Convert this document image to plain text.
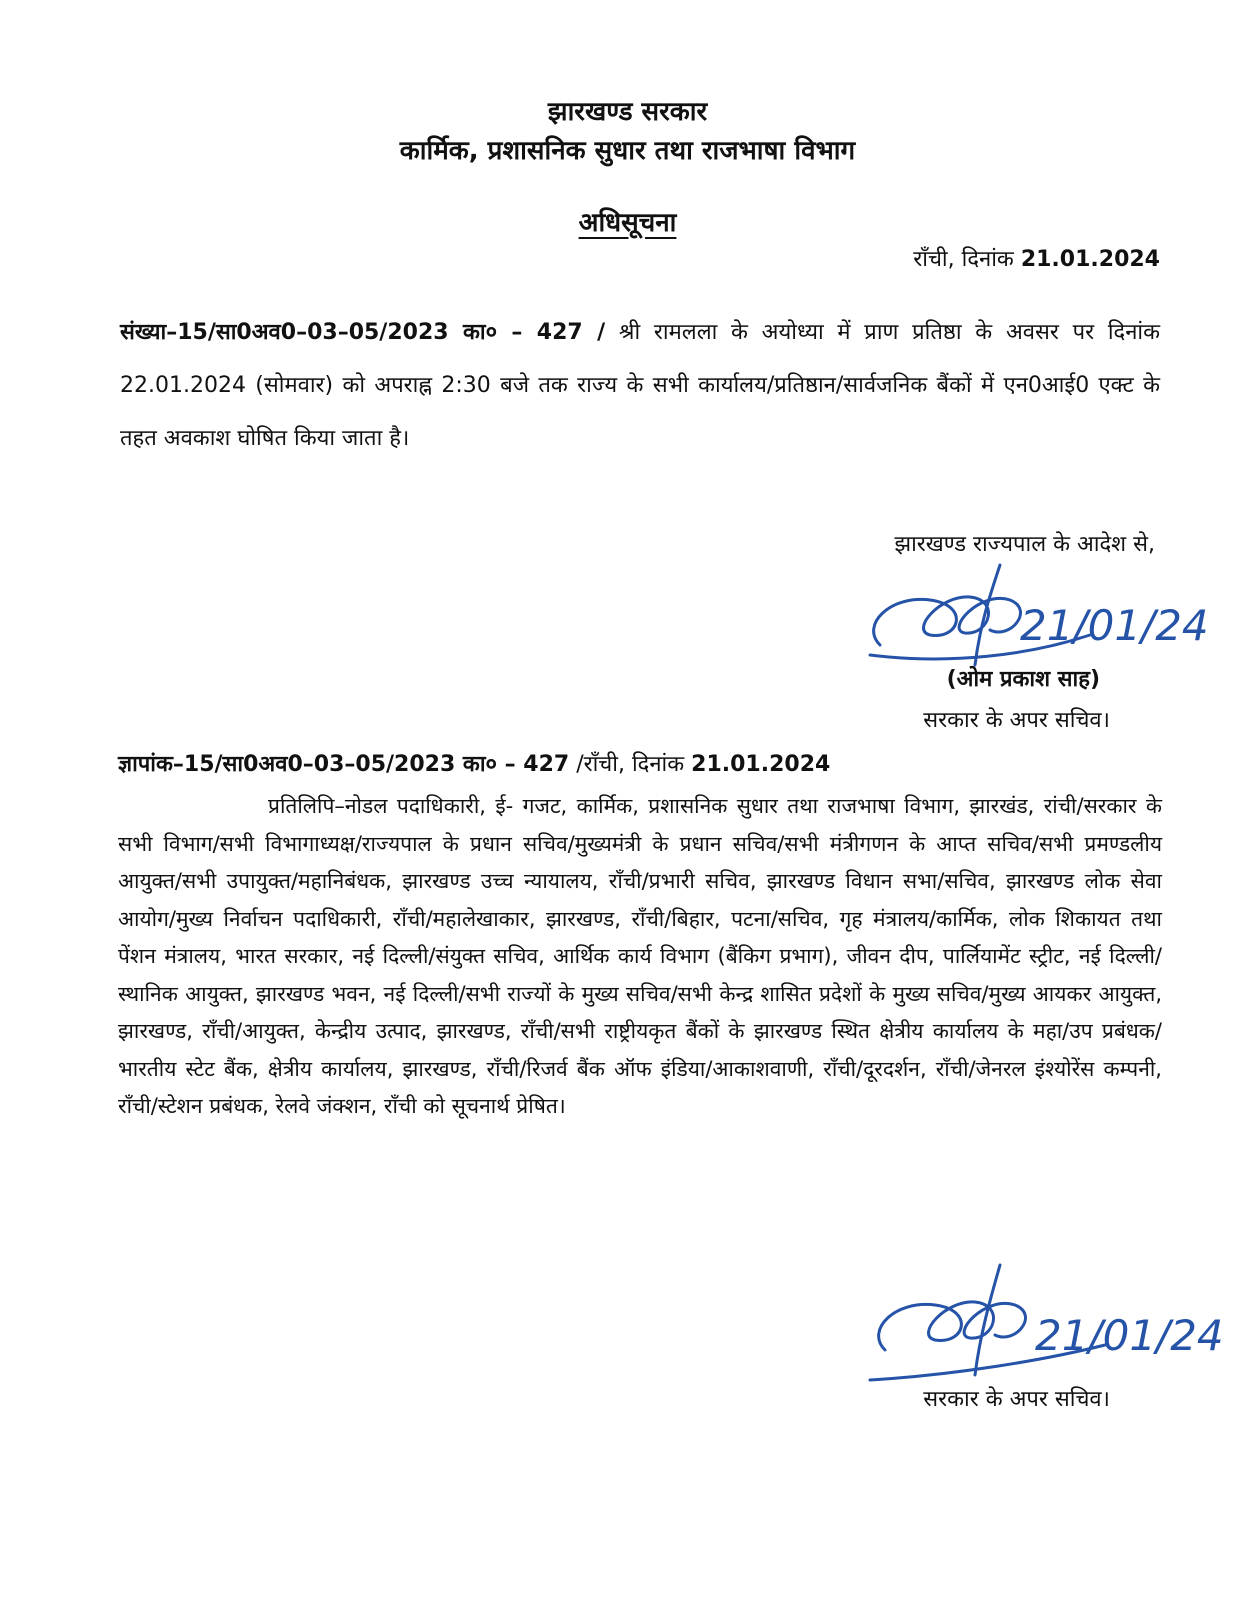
झारखण्ड सरकार
कार्मिक, प्रशासनिक सुधार तथा राजभाषा विभाग
अधिसूचना
राँची, दिनांक 21.01.2024

संख्या–15/सा0अव0–03–05/2023 का० – 427 / श्री रामलला के अयोध्या में प्राण प्रतिष्ठा के अवसर पर दिनांक 22.01.2024 (सोमवार) को अपराह्न 2:30 बजे तक राज्य के सभी कार्यालय/प्रतिष्ठान/सार्वजनिक बैंकों में एन0आई0 एक्ट के तहत अवकाश घोषित किया जाता है।

झारखण्ड राज्यपाल के आदेश से,
21/01/24
(ओम प्रकाश साह)
सरकार के अपर सचिव।
ज्ञापांक–15/सा0अव0–03–05/2023 का० – 427 /राँची, दिनांक 21.01.2024

प्रतिलिपि–नोडल पदाधिकारी, ई- गजट, कार्मिक, प्रशासनिक सुधार तथा राजभाषा विभाग, झारखंड, रांची/सरकार के सभी विभाग/सभी विभागाध्यक्ष/राज्यपाल के प्रधान सचिव/मुख्यमंत्री के प्रधान सचिव/सभी मंत्रीगणन के आप्त सचिव/सभी प्रमण्डलीय आयुक्त/सभी उपायुक्त/महानिबंधक, झारखण्ड उच्च न्यायालय, राँची/प्रभारी सचिव, झारखण्ड विधान सभा/सचिव, झारखण्ड लोक सेवा आयोग/मुख्य निर्वाचन पदाधिकारी, राँची/महालेखाकार, झारखण्ड, राँची/बिहार, पटना/सचिव, गृह मंत्रालय/कार्मिक, लोक शिकायत तथा पेंशन मंत्रालय, भारत सरकार, नई दिल्ली/संयुक्त सचिव, आर्थिक कार्य विभाग (बैंकिग प्रभाग), जीवन दीप, पार्लियामेंट स्ट्रीट, नई दिल्ली/स्थानिक आयुक्त, झारखण्ड भवन, नई दिल्ली/सभी राज्यों के मुख्य सचिव/सभी केन्द्र शासित प्रदेशों के मुख्य सचिव/मुख्य आयकर आयुक्त, झारखण्ड, राँची/आयुक्त, केन्द्रीय उत्पाद, झारखण्ड, राँची/सभी राष्ट्रीयकृत बैंकों के झारखण्ड स्थित क्षेत्रीय कार्यालय के महा/उप प्रबंधक/भारतीय स्टेट बैंक, क्षेत्रीय कार्यालय, झारखण्ड, राँची/रिजर्व बैंक ऑफ इंडिया/आकाशवाणी, राँची/दूरदर्शन, राँची/जेनरल इंश्योरेंस कम्पनी, राँची/स्टेशन प्रबंधक, रेलवे जंक्शन, राँची को सूचनार्थ प्रेषित।

21/01/24
सरकार के अपर सचिव।
